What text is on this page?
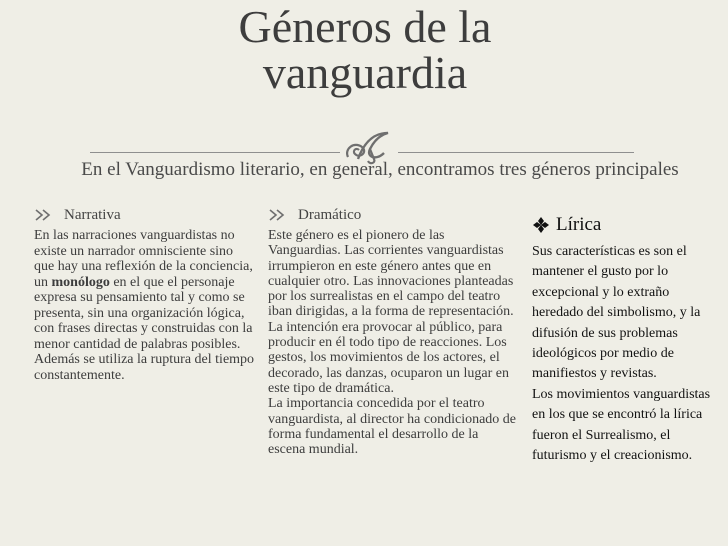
Géneros de la vanguardia
En el Vanguardismo literario, en general, encontramos tres géneros principales
Narrativa

En las narraciones vanguardistas no existe un narrador omnisciente sino que hay una reflexión de la conciencia, un monólogo en el que el personaje expresa su pensamiento tal y como se presenta, sin una organización lógica, con frases directas y construidas con la menor cantidad de palabras posibles.

Además se utiliza la ruptura del tiempo constantemente.

Dramático

Este género es el pionero de las Vanguardias. Las corrientes vanguardistas irrumpieron en este género antes que en cualquier otro. Las innovaciones planteadas por los surrealistas en el campo del teatro iban dirigidas, a la forma de representación. La intención era provocar al público, para producir en él todo tipo de reacciones. Los gestos, los movimientos de los actores, el decorado, las danzas, ocuparon un lugar en este tipo de dramática.

La importancia concedida por el teatro vanguardista, al director ha condicionado de forma fundamental el desarrollo de la escena mundial.

Lírica

Sus características es son el mantener el gusto por lo excepcional y lo extraño heredado del simbolismo, y la difusión de sus problemas ideológicos por medio de manifiestos y revistas.

Los movimientos vanguardistas en los que se encontró la lírica fueron el Surrealismo, el futurismo y el creacionismo.
